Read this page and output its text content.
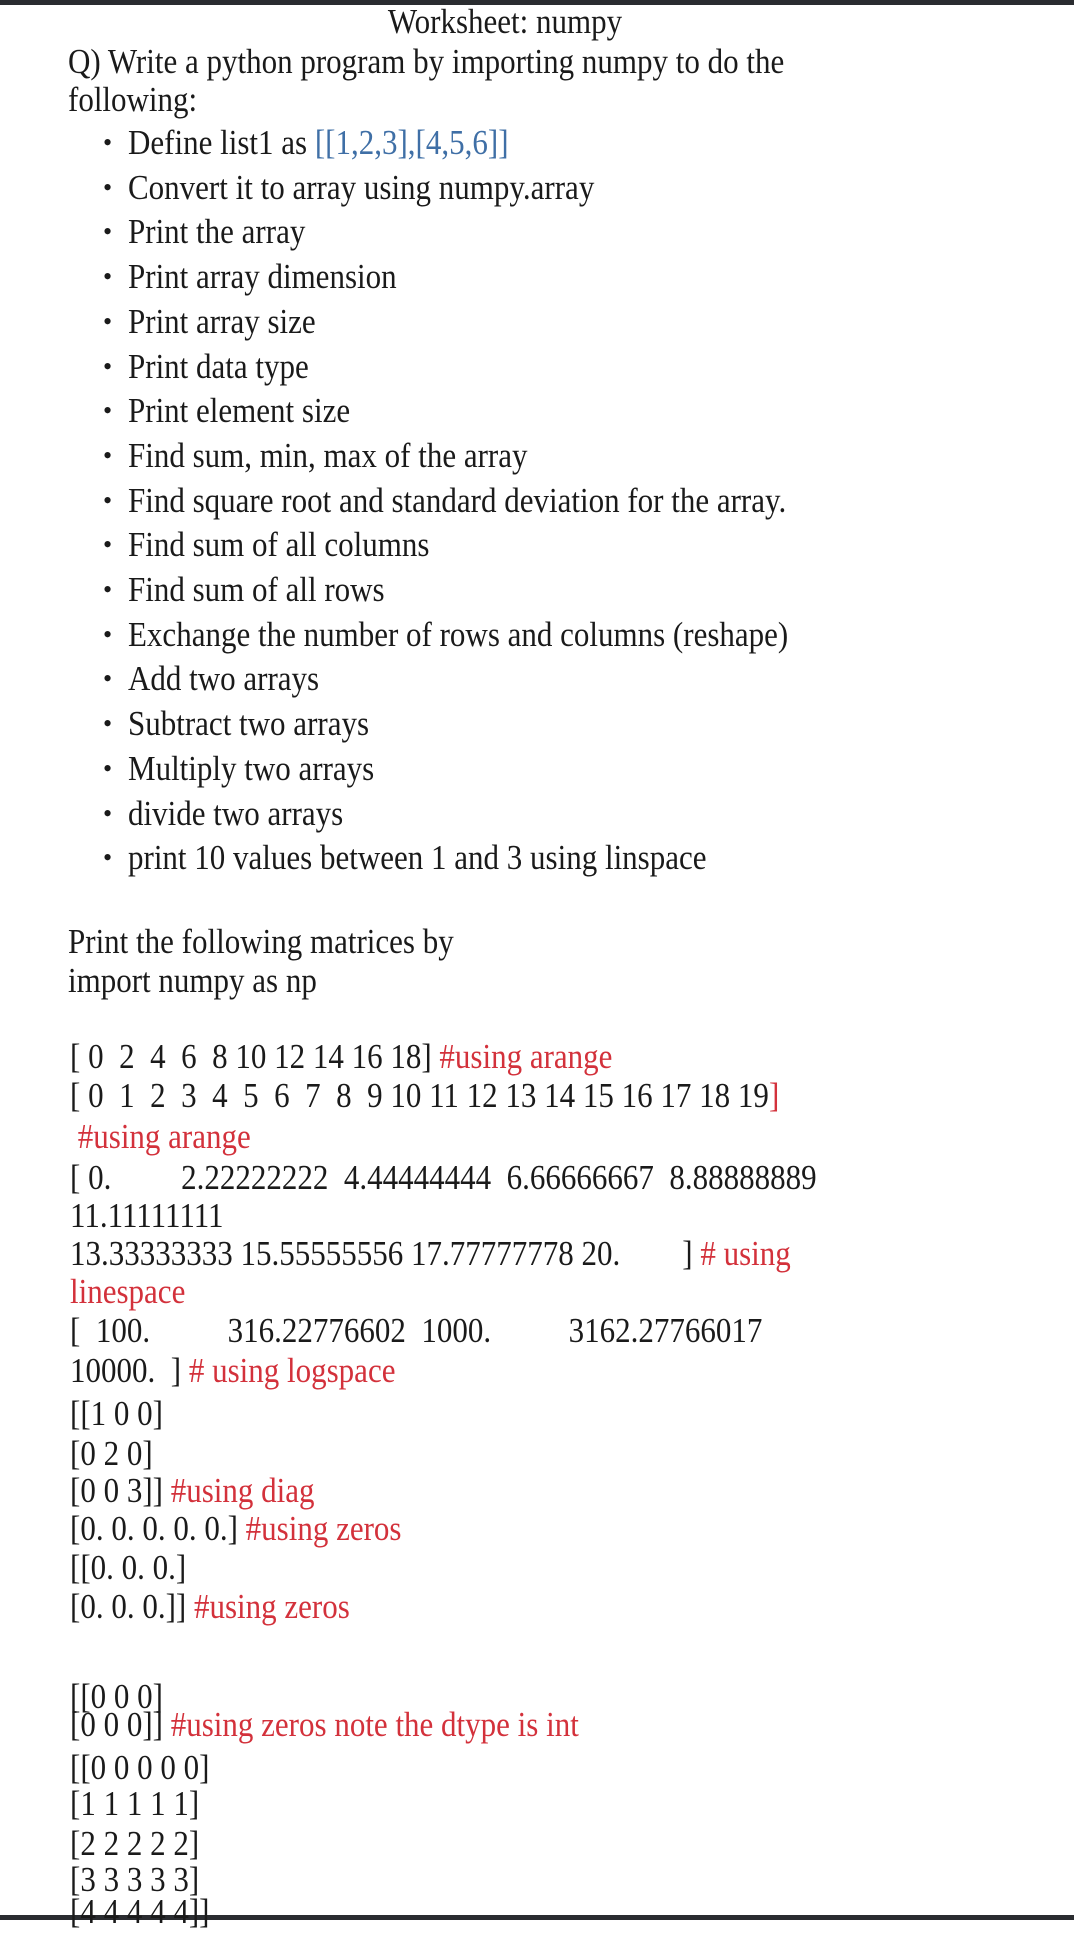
Worksheet: numpy
Q) Write a python program by importing numpy to do the
following:
• Define list1 as [[1,2,3],[4,5,6]]
• Convert it to array using numpy.array
• Print the array
• Print array dimension
• Print array size
• Print data type
• Print element size
• Find sum, min, max of the array
• Find square root and standard deviation for the array.
• Find sum of all columns
• Find sum of all rows
• Exchange the number of rows and columns (reshape)
• Add two arrays
• Subtract two arrays
• Multiply two arrays
• divide two arrays
• print 10 values between 1 and 3 using linspace
Print the following matrices by
import numpy as np
[ 0  2  4  6  8 10 12 14 16 18] #using arange
[ 0  1  2  3  4  5  6  7  8  9 10 11 12 13 14 15 16 17 18 19]
#using arange
[ 0.         2.22222222  4.44444444  6.66666667  8.88888889
11.11111111
13.33333333 15.55555556 17.77777778 20.        ] # using
linespace
[  100.          316.22776602  1000.          3162.27766017
10000.  ] # using logspace
[[1 0 0]
[0 2 0]
[0 0 3]] #using diag
[0. 0. 0. 0. 0.] #using zeros
[[0. 0. 0.]
[0. 0. 0.]] #using zeros
[[0 0 0]
[0 0 0]] #using zeros note the dtype is int
[[0 0 0 0 0]
[1 1 1 1 1]
[2 2 2 2 2]
[3 3 3 3 3]
[4 4 4 4 4]]
